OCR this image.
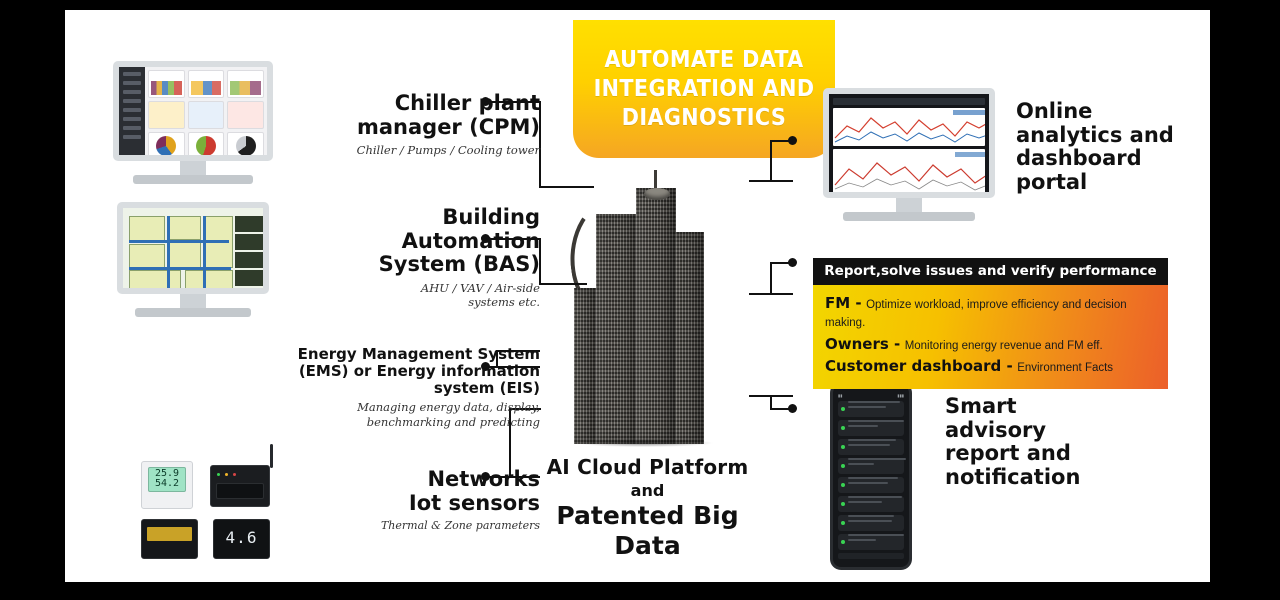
AUTOMATE DATA
INTEGRATION AND
DIAGNOSTICS
25.9
54.2
4.6
AI Cloud Platform
and
Patented Big
Data
▮▮	▮▮▮
Report,solve issues and verify performance
FM - Optimize workload, improve efficiency and decision making.
Owners - Monitoring energy revenue and FM eff.
Customer dashboard - Environment Facts
Chiller plant
manager (CPM)
Chiller / Pumps / Cooling tower
Building
Automation
System (BAS)
AHU / VAV / Air-side
systems etc.
Energy Management System
(EMS) or Energy information
system (EIS)
Managing energy data, display,
benchmarking and predicting
Networks
Iot sensors
Thermal & Zone parameters
Online
analytics and
dashboard
portal
Smart
advisory
report and
notification
